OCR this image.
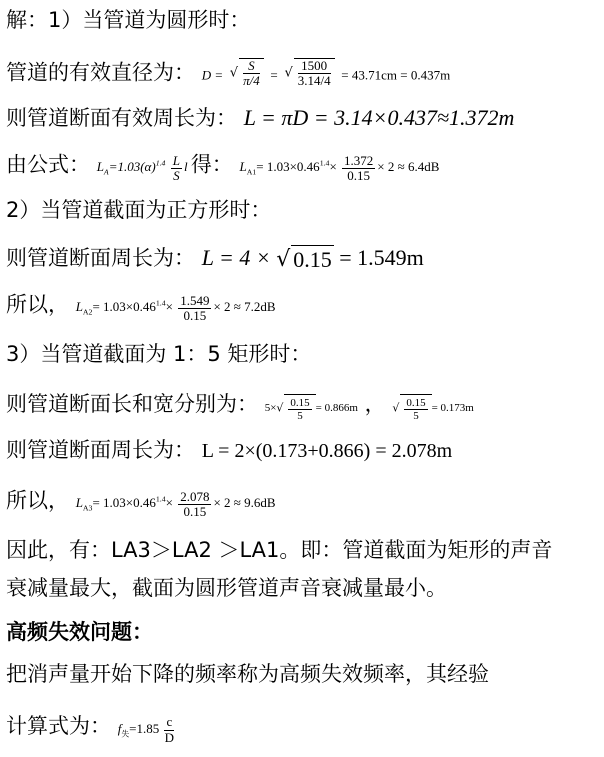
解：1）当管道为圆形时：
管道的有效直径为： D = √ $\frac{S}{\pi/4}$ = √ $\frac{1500}{3.14/4} = 43.71cm = 0.437m$
则管道断面有效周长为： L = πD = 3.14×0.437≈1.372m
由公式： $L_A=1.03(\alpha)^{1.4} \frac{L}{S}$ l 得： $L_{A1}= 1.03\times 0.46^{1.4}\times \frac{1.372}{0.15} \times 2 \approx 6.4dB$
2）当管道截面为正方形时：
则管道断面周长为： L = 4 × √ 0.15 = 1.549m
所以， $L_{A2}= 1.03\times 0.46^{1.4}\times \frac{1.549}{0.15} \times 2 \approx 7.2dB$
3）当管道截面为 1：5 矩形时：
则管道断面长和宽分别为： $5\times√ \frac{0.15}{5} = 0.866m$ ， √ $\frac{0.15}{5} = 0.173m$
则管道断面周长为： L = 2×(0.173+0.866) = 2.078m
所以， $L_{A3}= 1.03\times 0.46^{1.4}\times \frac{2.078}{0.15} \times 2 \approx 9.6dB$
因此，有：LA3＞LA2 ＞LA1。即：管道截面为矩形的声音
衰减量最大，截面为圆形管道声音衰减量最小。
高频失效问题：
把消声量开始下降的频率称为高频失效频率，其经验
计算式为： $f_失=1.85 \frac{c}{D}$
